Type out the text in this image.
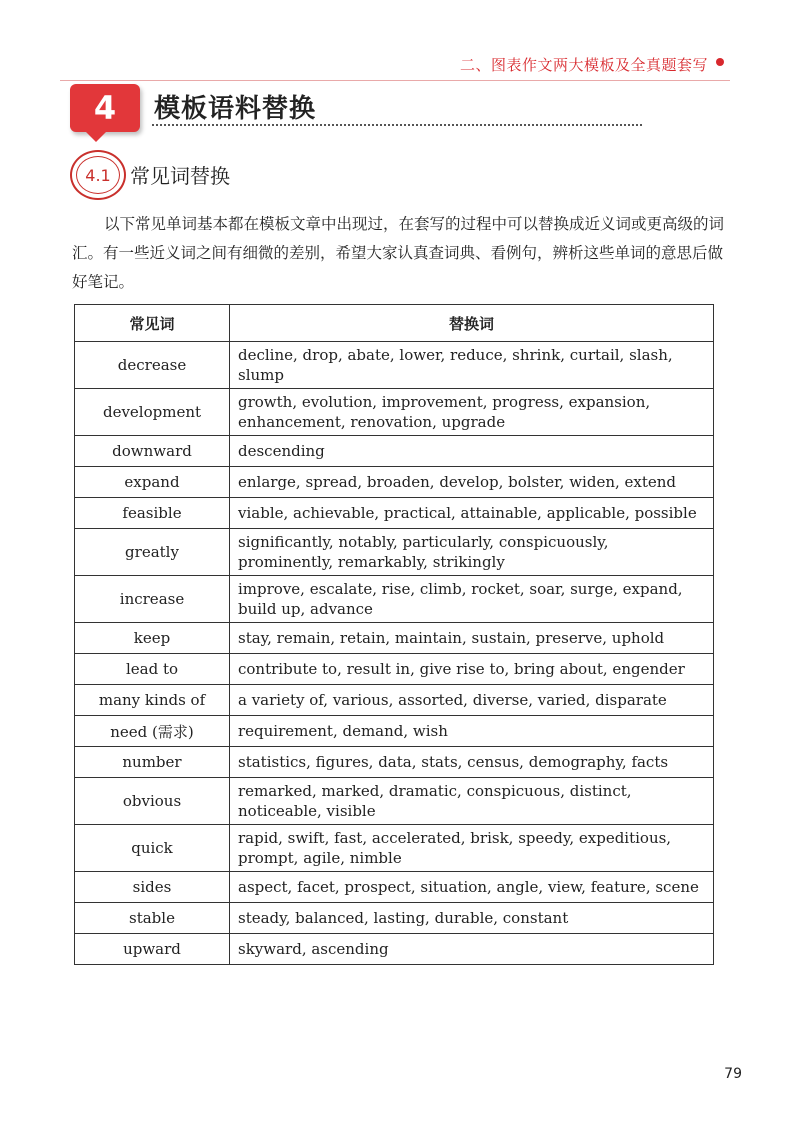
二、图表作文两大模板及全真题套写
4	模板语料替换
4.1 常见词替换

以下常见单词基本都在模板文章中出现过，在套写的过程中可以替换成近义词或更高级的词汇。有一些近义词之间有细微的差别，希望大家认真查词典、看例句，辨析这些单词的意思后做好笔记。

常见词	替换词
decrease	decline, drop, abate, lower, reduce, shrink, curtail, slash, slump
development	growth, evolution, improvement, progress, expansion, enhancement, renovation, upgrade
downward	descending
expand	enlarge, spread, broaden, develop, bolster, widen, extend
feasible	viable, achievable, practical, attainable, applicable, possible
greatly	significantly, notably, particularly, conspicuously, prominently, remarkably, strikingly
increase	improve, escalate, rise, climb, rocket, soar, surge, expand, build up, advance
keep	stay, remain, retain, maintain, sustain, preserve, uphold
lead to	contribute to, result in, give rise to, bring about, engender
many kinds of	a variety of, various, assorted, diverse, varied, disparate
need (需求)	requirement, demand, wish
number	statistics, figures, data, stats, census, demography, facts
obvious	remarked, marked, dramatic, conspicuous, distinct, noticeable, visible
quick	rapid, swift, fast, accelerated, brisk, speedy, expeditious, prompt, agile, nimble
sides	aspect, facet, prospect, situation, angle, view, feature, scene
stable	steady, balanced, lasting, durable, constant
upward	skyward, ascending
79
